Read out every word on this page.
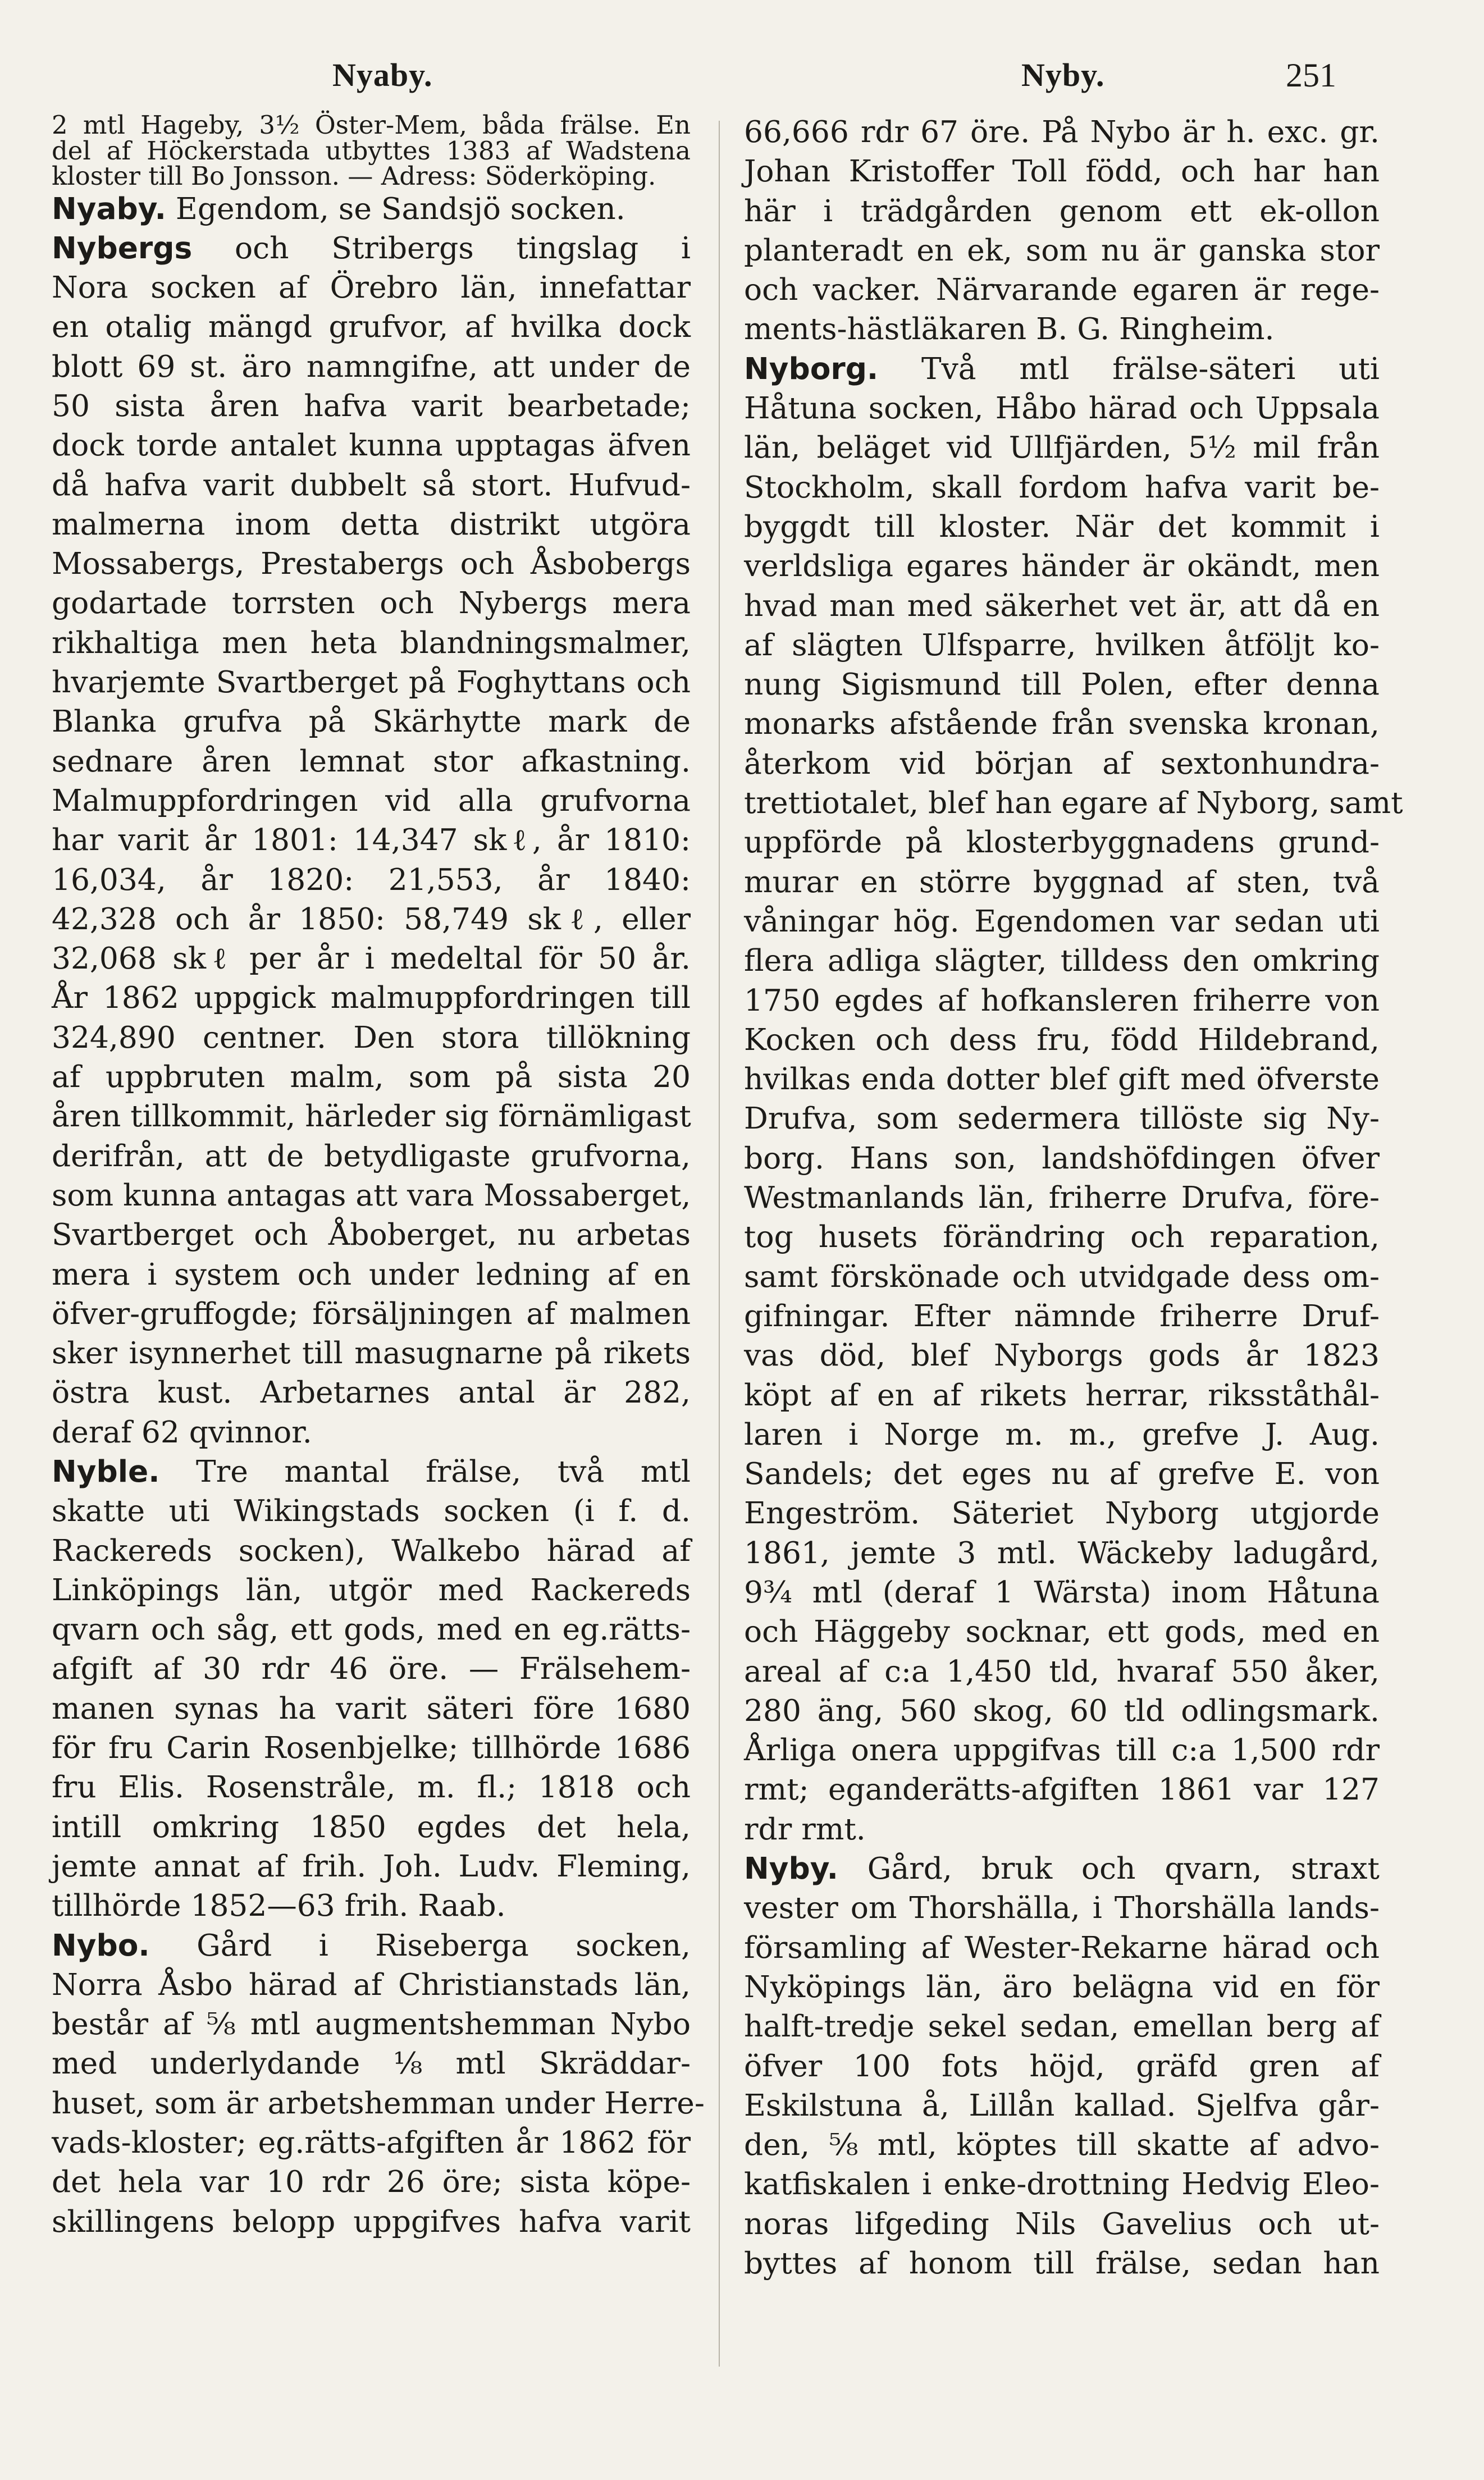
Nyaby.	Nyby.	251

2 mtl Hageby, 3½ Öster-Mem, båda frälse. En

del af Höckerstada utbyttes 1383 af Wadstena

kloster till Bo Jonsson. — Adress: Söderköping.

Nyaby. Egendom, se Sandsjö socken.

Nybergs och Stribergs tingslag i

Nora socken af Örebro län, innefattar

en otalig mängd grufvor, af hvilka dock

blott 69 st. äro namngifne, att under de

50 sista åren hafva varit bearbetade;

dock torde antalet kunna upptagas äfven

då hafva varit dubbelt så stort. Hufvud-

malmerna inom detta distrikt utgöra

Mossabergs, Prestabergs och Åsbobergs

godartade torrsten och Nybergs mera

rikhaltiga men heta blandningsmalmer,

hvarjemte Svartberget på Foghyttans och

Blanka grufva på Skärhytte mark de

sednare åren lemnat stor afkastning.

Malmuppfordringen vid alla grufvorna

har varit år 1801: 14,347 skℓ, år 1810:

16,034, år 1820: 21,553, år 1840:

42,328 och år 1850: 58,749 skℓ, eller

32,068 skℓ per år i medeltal för 50 år.

År 1862 uppgick malmuppfordringen till

324,890 centner. Den stora tillökning

af uppbruten malm, som på sista 20

åren tillkommit, härleder sig förnämligast

derifrån, att de betydligaste grufvorna,

som kunna antagas att vara Mossaberget,

Svartberget och Åboberget, nu arbetas

mera i system och under ledning af en

öfver-gruffogde; försäljningen af malmen

sker isynnerhet till masugnarne på rikets

östra kust. Arbetarnes antal är 282,

deraf 62 qvinnor.

Nyble. Tre mantal frälse, två mtl

skatte uti Wikingstads socken (i f. d.

Rackereds socken), Walkebo härad af

Linköpings län, utgör med Rackereds

qvarn och såg, ett gods, med en eg.rätts-

afgift af 30 rdr 46 öre. — Frälsehem-

manen synas ha varit säteri före 1680

för fru Carin Rosenbjelke; tillhörde 1686

fru Elis. Rosenstråle, m. fl.; 1818 och

intill omkring 1850 egdes det hela,

jemte annat af frih. Joh. Ludv. Fleming,

tillhörde 1852—63 frih. Raab.

Nybo. Gård i Riseberga socken,

Norra Åsbo härad af Christianstads län,

består af ⅝ mtl augmentshemman Nybo

med underlydande ⅛ mtl Skräddar-

huset, som är arbetshemman under Herre-

vads-kloster; eg.rätts-afgiften år 1862 för

det hela var 10 rdr 26 öre; sista köpe-

skillingens belopp uppgifves hafva varit

66,666 rdr 67 öre. På Nybo är h. exc. gr.

Johan Kristoffer Toll född, och har han

här i trädgården genom ett ek-ollon

planteradt en ek, som nu är ganska stor

och vacker. Närvarande egaren är rege-

ments-hästläkaren B. G. Ringheim.

Nyborg. Två mtl frälse-säteri uti

Håtuna socken, Håbo härad och Uppsala

län, beläget vid Ullfjärden, 5½ mil från

Stockholm, skall fordom hafva varit be-

byggdt till kloster. När det kommit i

verldsliga egares händer är okändt, men

hvad man med säkerhet vet är, att då en

af slägten Ulfsparre, hvilken åtföljt ko-

nung Sigismund till Polen, efter denna

monarks afstående från svenska kronan,

återkom vid början af sextonhundra-

trettiotalet, blef han egare af Nyborg, samt

uppförde på klosterbyggnadens grund-

murar en större byggnad af sten, två

våningar hög. Egendomen var sedan uti

flera adliga slägter, tilldess den omkring

1750 egdes af hofkansleren friherre von

Kocken och dess fru, född Hildebrand,

hvilkas enda dotter blef gift med öfverste

Drufva, som sedermera tillöste sig Ny-

borg. Hans son, landshöfdingen öfver

Westmanlands län, friherre Drufva, före-

tog husets förändring och reparation,

samt förskönade och utvidgade dess om-

gifningar. Efter nämnde friherre Druf-

vas död, blef Nyborgs gods år 1823

köpt af en af rikets herrar, riksståthål-

laren i Norge m. m., grefve J. Aug.

Sandels; det eges nu af grefve E. von

Engeström. Säteriet Nyborg utgjorde

1861, jemte 3 mtl. Wäckeby ladugård,

9¾ mtl (deraf 1 Wärsta) inom Håtuna

och Häggeby socknar, ett gods, med en

areal af c:a 1,450 tld, hvaraf 550 åker,

280 äng, 560 skog, 60 tld odlingsmark.

Årliga onera uppgifvas till c:a 1,500 rdr

rmt; eganderätts-afgiften 1861 var 127

rdr rmt.

Nyby. Gård, bruk och qvarn, straxt

vester om Thorshälla, i Thorshälla lands-

församling af Wester-Rekarne härad och

Nyköpings län, äro belägna vid en för

halft-tredje sekel sedan, emellan berg af

öfver 100 fots höjd, gräfd gren af

Eskilstuna å, Lillån kallad. Sjelfva går-

den, ⅝ mtl, köptes till skatte af advo-

katfiskalen i enke-drottning Hedvig Eleo-

noras lifgeding Nils Gavelius och ut-

byttes af honom till frälse, sedan han
